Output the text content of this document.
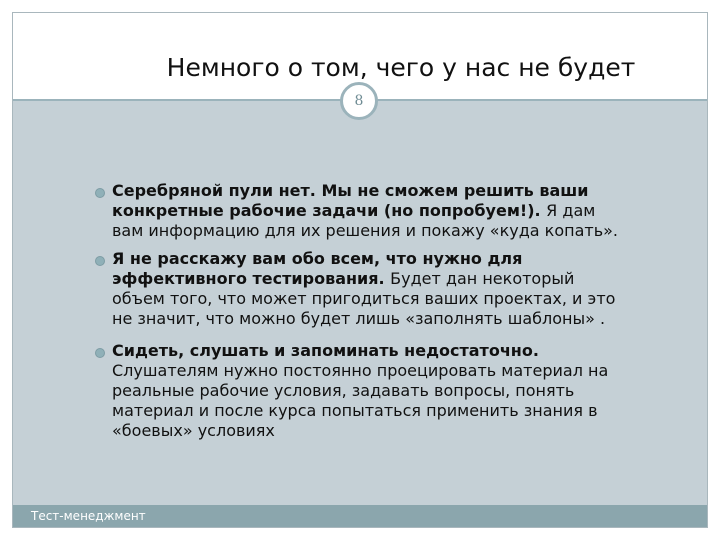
Немного о том, чего у нас не будет
8
Серебряной пули нет. Мы не сможем решить ваши
конкретные рабочие задачи (но попробуем!). Я дам
вам информацию для их решения и покажу «куда копать».
Я не расскажу вам обо всем, что нужно для
эффективного тестирования. Будет дан некоторый
объем того, что может пригодиться ваших проектах, и это
не значит, что можно будет лишь «заполнять шаблоны» .
Сидеть, слушать и запоминать недостаточно.
Слушателям нужно постоянно проецировать материал на
реальные рабочие условия, задавать вопросы, понять
материал и после курса попытаться применить знания в
«боевых» условиях
Тест-менеджмент
